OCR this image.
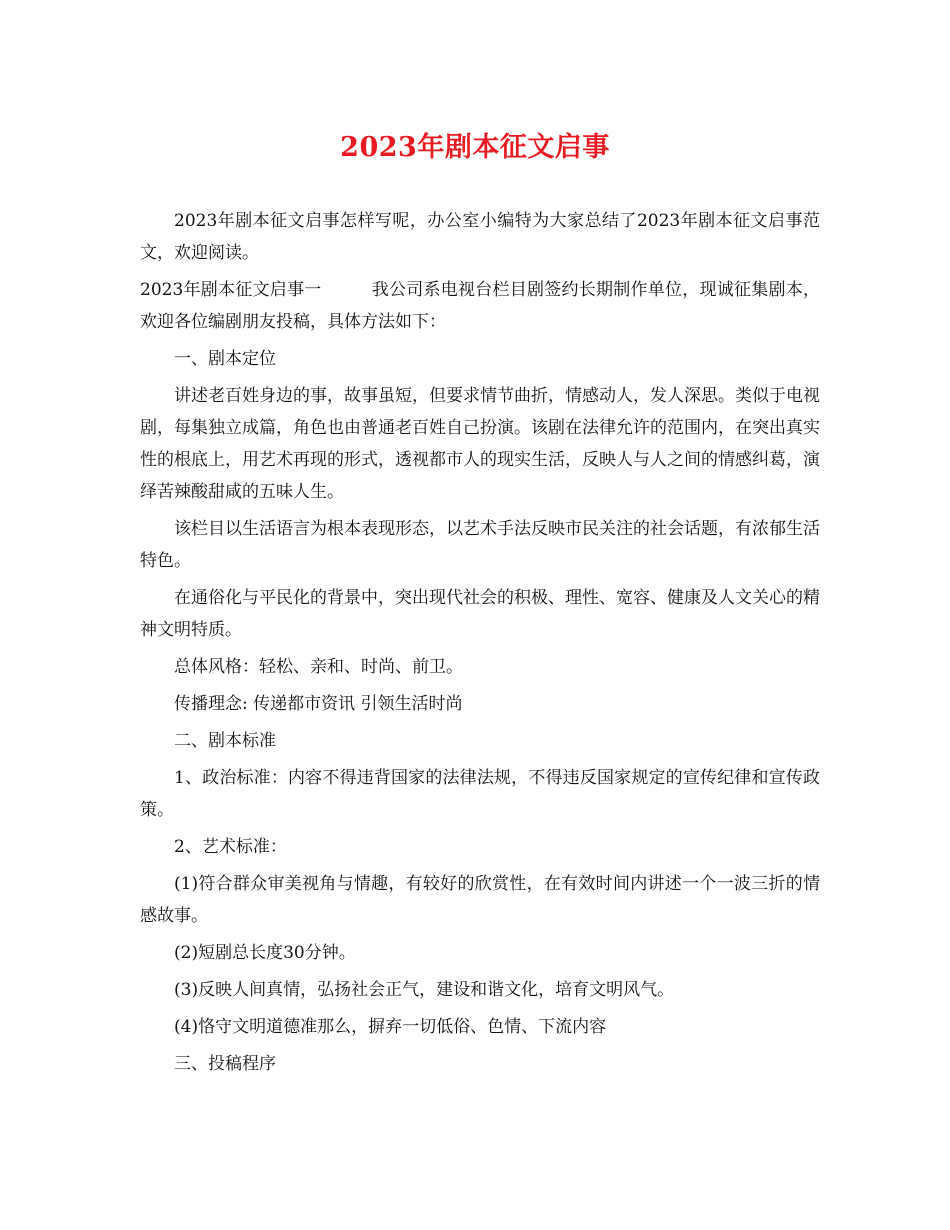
2023年剧本征文启事

2023年剧本征文启事怎样写呢，办公室小编特为大家总结了2023年剧本征文启事范文，欢迎阅读。

2023年剧本征文启事一	我公司系电视台栏目剧签约长期制作单位，现诚征集剧本，欢迎各位编剧朋友投稿，具体方法如下：

一、剧本定位

讲述老百姓身边的事，故事虽短，但要求情节曲折，情感动人，发人深思。类似于电视剧，每集独立成篇，角色也由普通老百姓自己扮演。该剧在法律允许的范围内，在突出真实性的根底上，用艺术再现的形式，透视都市人的现实生活，反映人与人之间的情感纠葛，演绎苦辣酸甜咸的五味人生。

该栏目以生活语言为根本表现形态，以艺术手法反映市民关注的社会话题，有浓郁生活特色。

在通俗化与平民化的背景中，突出现代社会的积极、理性、宽容、健康及人文关心的精神文明特质。

总体风格：轻松、亲和、时尚、前卫。

传播理念: 传递都市资讯 引领生活时尚

二、剧本标准

1、政治标准：内容不得违背国家的法律法规，不得违反国家规定的宣传纪律和宣传政策。

2、艺术标准：

(1)符合群众审美视角与情趣，有较好的欣赏性，在有效时间内讲述一个一波三折的情感故事。

(2)短剧总长度30分钟。

(3)反映人间真情，弘扬社会正气，建设和谐文化，培育文明风气。

(4)恪守文明道德准那么，摒弃一切低俗、色情、下流内容

三、投稿程序
